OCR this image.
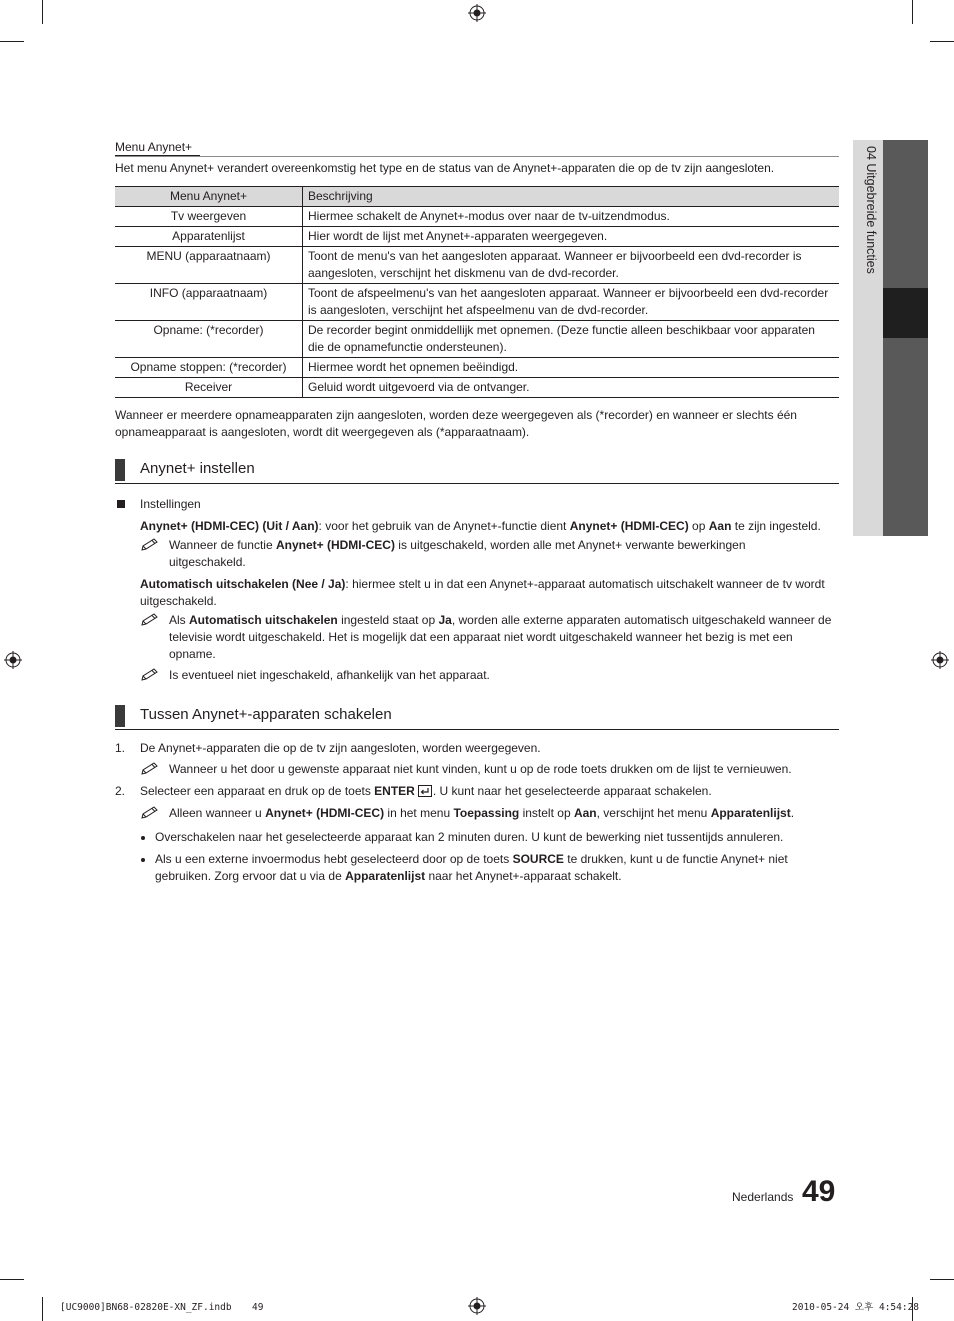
04 Uitgebreide functies
Menu Anynet+
Het menu Anynet+ verandert overeenkomstig het type en de status van de Anynet+-apparaten die op de tv zijn aangesloten.
Menu Anynet+	Beschrijving
Tv weergeven	Hiermee schakelt de Anynet+-modus over naar de tv-uitzendmodus.
Apparatenlijst	Hier wordt de lijst met Anynet+-apparaten weergegeven.
MENU (apparaatnaam)	Toont de menu's van het aangesloten apparaat. Wanneer er bijvoorbeeld een dvd-recorder is aangesloten, verschijnt het diskmenu van de dvd-recorder.
INFO (apparaatnaam)	Toont de afspeelmenu's van het aangesloten apparaat. Wanneer er bijvoorbeeld een dvd-recorder is aangesloten, verschijnt het afspeelmenu van de dvd-recorder.
Opname: (*recorder)	De recorder begint onmiddellijk met opnemen. (Deze functie alleen beschikbaar voor apparaten die de opnamefunctie ondersteunen).
Opname stoppen: (*recorder)	Hiermee wordt het opnemen beëindigd.
Receiver	Geluid wordt uitgevoerd via de ontvanger.
Wanneer er meerdere opnameapparaten zijn aangesloten, worden deze weergegeven als (*recorder) en wanneer er slechts één opnameapparaat is aangesloten, wordt dit weergegeven als (*apparaatnaam).
Anynet+ instellen
Instellingen
Anynet+ (HDMI-CEC) (Uit / Aan): voor het gebruik van de Anynet+-functie dient Anynet+ (HDMI-CEC) op Aan te zijn ingesteld.
Wanneer de functie Anynet+ (HDMI-CEC) is uitgeschakeld, worden alle met Anynet+ verwante bewerkingen uitgeschakeld.
Automatisch uitschakelen (Nee / Ja): hiermee stelt u in dat een Anynet+-apparaat automatisch uitschakelt wanneer de tv wordt uitgeschakeld.
Als Automatisch uitschakelen ingesteld staat op Ja, worden alle externe apparaten automatisch uitgeschakeld wanneer de televisie wordt uitgeschakeld. Het is mogelijk dat een apparaat niet wordt uitgeschakeld wanneer het bezig is met een opname.
Is eventueel niet ingeschakeld, afhankelijk van het apparaat.
Tussen Anynet+-apparaten schakelen
1. De Anynet+-apparaten die op de tv zijn aangesloten, worden weergegeven.
Wanneer u het door u gewenste apparaat niet kunt vinden, kunt u op de rode toets drukken om de lijst te vernieuwen.
2. Selecteer een apparaat en druk op de toets ENTER . U kunt naar het geselecteerde apparaat schakelen.
Alleen wanneer u Anynet+ (HDMI-CEC) in het menu Toepassing instelt op Aan, verschijnt het menu Apparatenlijst.
Overschakelen naar het geselecteerde apparaat kan 2 minuten duren. U kunt de bewerking niet tussentijds annuleren.
Als u een externe invoermodus hebt geselecteerd door op de toets SOURCE te drukken, kunt u de functie Anynet+ niet gebruiken. Zorg ervoor dat u via de Apparatenlijst naar het Anynet+-apparaat schakelt.
Nederlands 49
[UC9000]BN68-02820E-XN_ZF.indb 49	2010-05-24 오후 4:54:28
